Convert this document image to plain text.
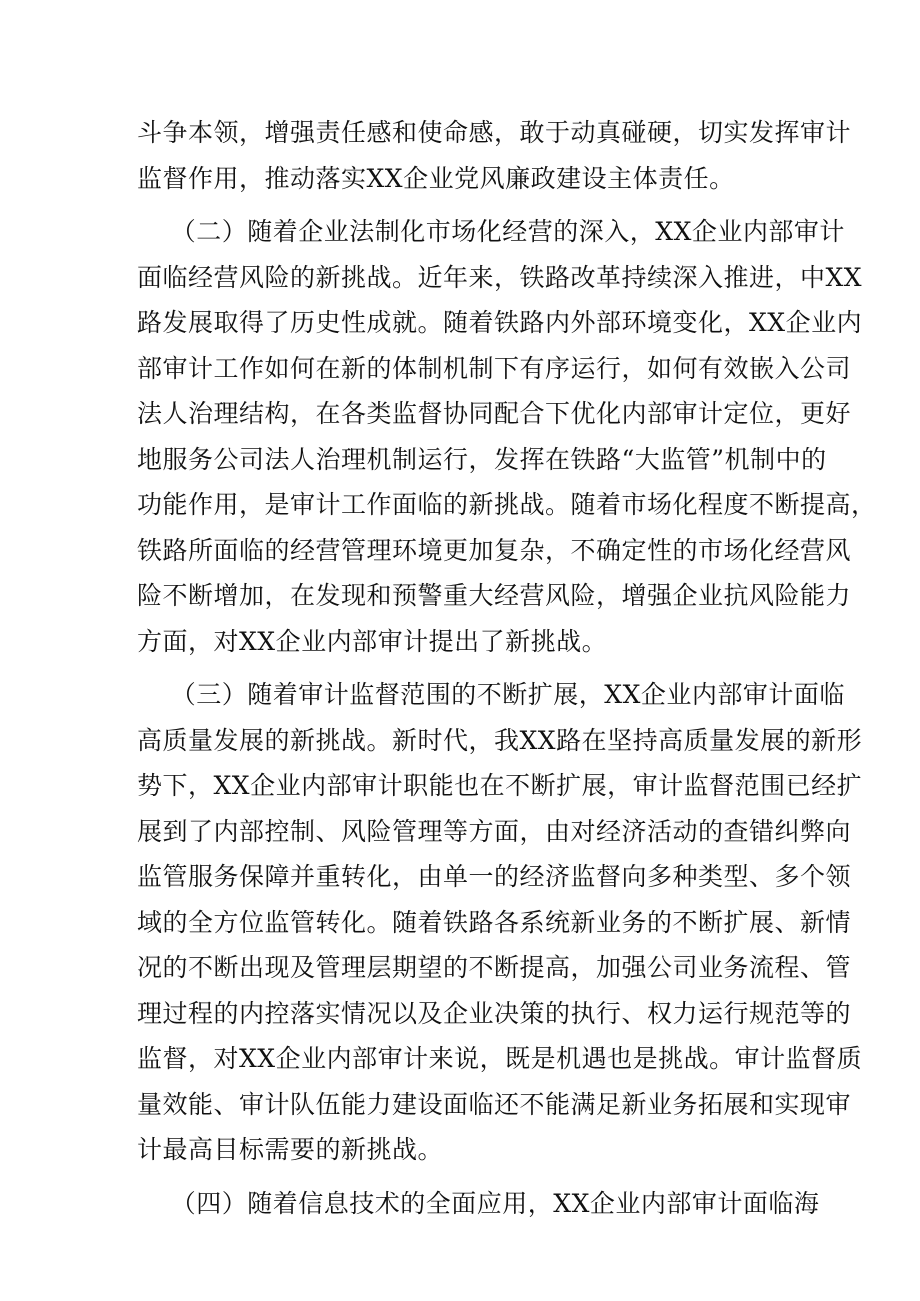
斗争本领，增强责任感和使命感，敢于动真碰硬，切实发挥审计
监督作用，推动落实XX企业党风廉政建设主体责任。
（二）随着企业法制化市场化经营的深入，XX企业内部审计
面临经营风险的新挑战。近年来，铁路改革持续深入推进，中XX
路发展取得了历史性成就。随着铁路内外部环境变化，XX企业内
部审计工作如何在新的体制机制下有序运行，如何有效嵌入公司
法人治理结构，在各类监督协同配合下优化内部审计定位，更好
地服务公司法人治理机制运行，发挥在铁路“大监管”机制中的
功能作用，是审计工作面临的新挑战。随着市场化程度不断提高，
铁路所面临的经营管理环境更加复杂，不确定性的市场化经营风
险不断增加，在发现和预警重大经营风险，增强企业抗风险能力
方面，对XX企业内部审计提出了新挑战。
（三）随着审计监督范围的不断扩展，XX企业内部审计面临
高质量发展的新挑战。新时代，我XX路在坚持高质量发展的新形
势下，XX企业内部审计职能也在不断扩展，审计监督范围已经扩
展到了内部控制、风险管理等方面，由对经济活动的查错纠弊向
监管服务保障并重转化，由单一的经济监督向多种类型、多个领
域的全方位监管转化。随着铁路各系统新业务的不断扩展、新情
况的不断出现及管理层期望的不断提高，加强公司业务流程、管
理过程的内控落实情况以及企业决策的执行、权力运行规范等的
监督，对XX企业内部审计来说，既是机遇也是挑战。审计监督质
量效能、审计队伍能力建设面临还不能满足新业务拓展和实现审
计最高目标需要的新挑战。
（四）随着信息技术的全面应用，XX企业内部审计面临海
